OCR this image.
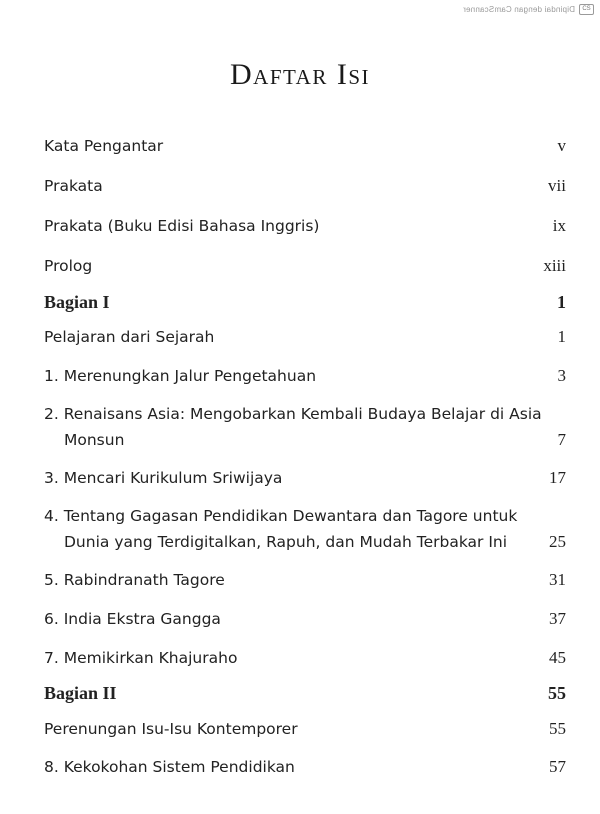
Dipindai dengan CamScanner	CS
Daftar Isi
Kata Pengantar	v
Prakata	vii
Prakata (Buku Edisi Bahasa Inggris)	ix
Prolog	xiii
Bagian I	1
Pelajaran dari Sejarah	1
1. Merenungkan Jalur Pengetahuan	3
2. Renaisans Asia: Mengobarkan Kembali Budaya Belajar di Asia
Monsun	7
3. Mencari Kurikulum Sriwijaya	17
4. Tentang Gagasan Pendidikan Dewantara dan Tagore untuk
Dunia yang Terdigitalkan, Rapuh, dan Mudah Terbakar Ini 25
5. Rabindranath Tagore	31
6. India Ekstra Gangga	37
7. Memikirkan Khajuraho	45
Bagian II	55
Perenungan Isu-Isu Kontemporer	55
8. Kekokohan Sistem Pendidikan	57
